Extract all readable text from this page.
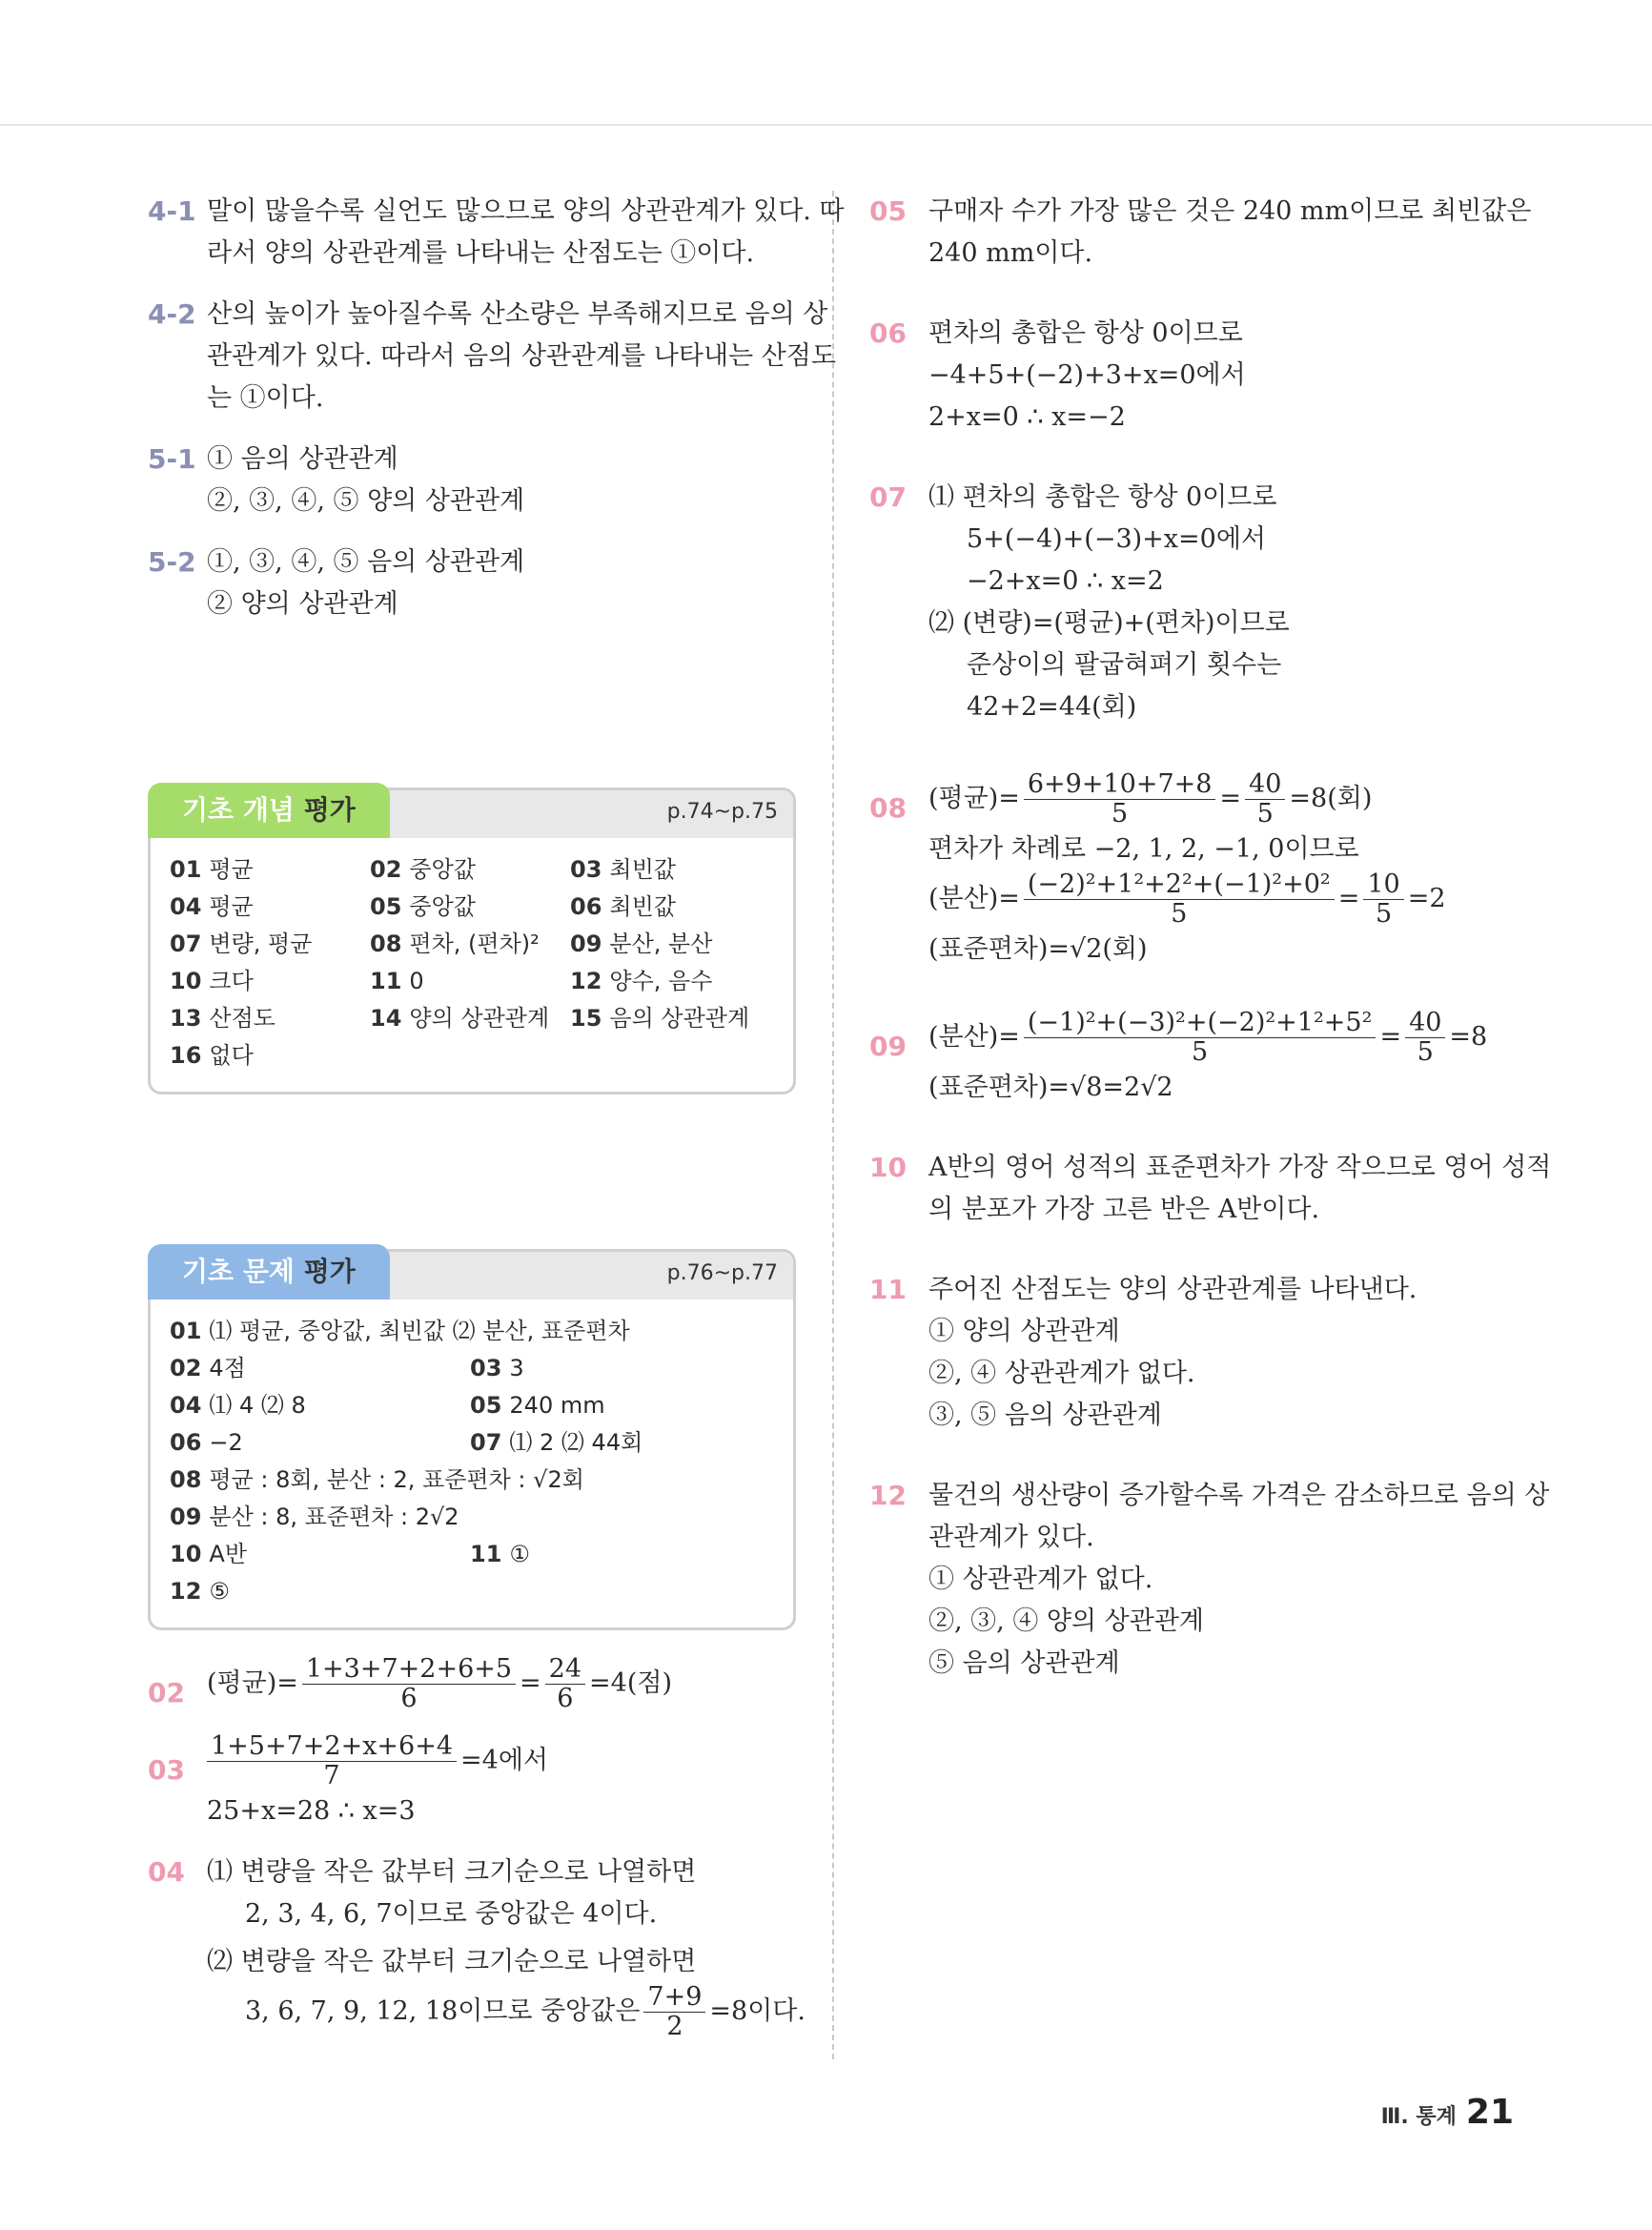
4-1 말이 많을수록 실언도 많으므로 양의 상관관계가 있다. 따
라서 양의 상관관계를 나타내는 산점도는 ①이다.
4-2 산의 높이가 높아질수록 산소량은 부족해지므로 음의 상
관관계가 있다. 따라서 음의 상관관계를 나타내는 산점도
는 ①이다.
5-1 ① 음의 상관관계
②, ③, ④, ⑤ 양의 상관관계
5-2 ①, ③, ④, ⑤ 음의 상관관계
② 양의 상관관계
기초 개념 평가	p.74~p.75
01 평균	02 중앙값	03 최빈값
04 평균	05 중앙값	06 최빈값
07 변량, 평균	08 편차, (편차)²	09 분산, 분산
10 크다	11 0	12 양수, 음수
13 산점도	14 양의 상관관계 15 음의 상관관계
16 없다
기초 문제 평가	p.76~p.77
01 ⑴ 평균, 중앙값, 최빈값 ⑵ 분산, 표준편차
02 4점	03 3
04 ⑴ 4 ⑵ 8	05 240 mm
06 −2	07 ⑴ 2 ⑵ 44회
08 평균 : 8회, 분산 : 2, 표준편차 : √2회
09 분산 : 8, 표준편차 : 2√2
10 A반	11 ①
12 ⑤
02 (평균)= $\frac{1+3+7+2+6+5}{6} = \frac{24}{6} =4$(점)
$03 \frac{1+5+7+2+x+6+4}{7} =4$에서
25+x=28 ∴ x=3
04 ⑴ 변량을 작은 값부터 크기순으로 나열하면
2, 3, 4, 6, 7이므로 중앙값은 4이다.
⑵ 변량을 작은 값부터 크기순으로 나열하면
3, 6, 7, 9, 12, 18이므로 중앙값은 $\frac{7+9}{2} =8$이다.
05 구매자 수가 가장 많은 것은 240 mm이므로 최빈값은
240 mm이다.
06 편차의 총합은 항상 0이므로
−4+5+(−2)+3+x=0에서
2+x=0 ∴ x=−2
07 ⑴ 편차의 총합은 항상 0이므로
5+(−4)+(−3)+x=0에서
−2+x=0 ∴ x=2
⑵ (변량)=(평균)+(편차)이므로
준상이의 팔굽혀펴기 횟수는
42+2=44(회)
08 (평균)= $\frac{6+9+10+7+8}{5} = \frac{40}{5} =8$(회)
편차가 차례로 −2, 1, 2, −1, 0이므로
(분산)= $\frac{\text{(−2)²+1²+2²+(−1)²+0²}}{5} = \frac{10}{5} =2$
(표준편차)=√2(회)
09 (분산)= $\frac{\text{(−1)²+(−3)²+(−2)²+1²+5²}}{5} = \frac{40}{5} =8$
(표준편차)=√8=2√2
10 A반의 영어 성적의 표준편차가 가장 작으므로 영어 성적
의 분포가 가장 고른 반은 A반이다.
11 주어진 산점도는 양의 상관관계를 나타낸다.
① 양의 상관관계
②, ④ 상관관계가 없다.
③, ⑤ 음의 상관관계
12 물건의 생산량이 증가할수록 가격은 감소하므로 음의 상
관관계가 있다.
① 상관관계가 없다.
②, ③, ④ 양의 상관관계
⑤ 음의 상관관계
Ⅲ. 통계 21
